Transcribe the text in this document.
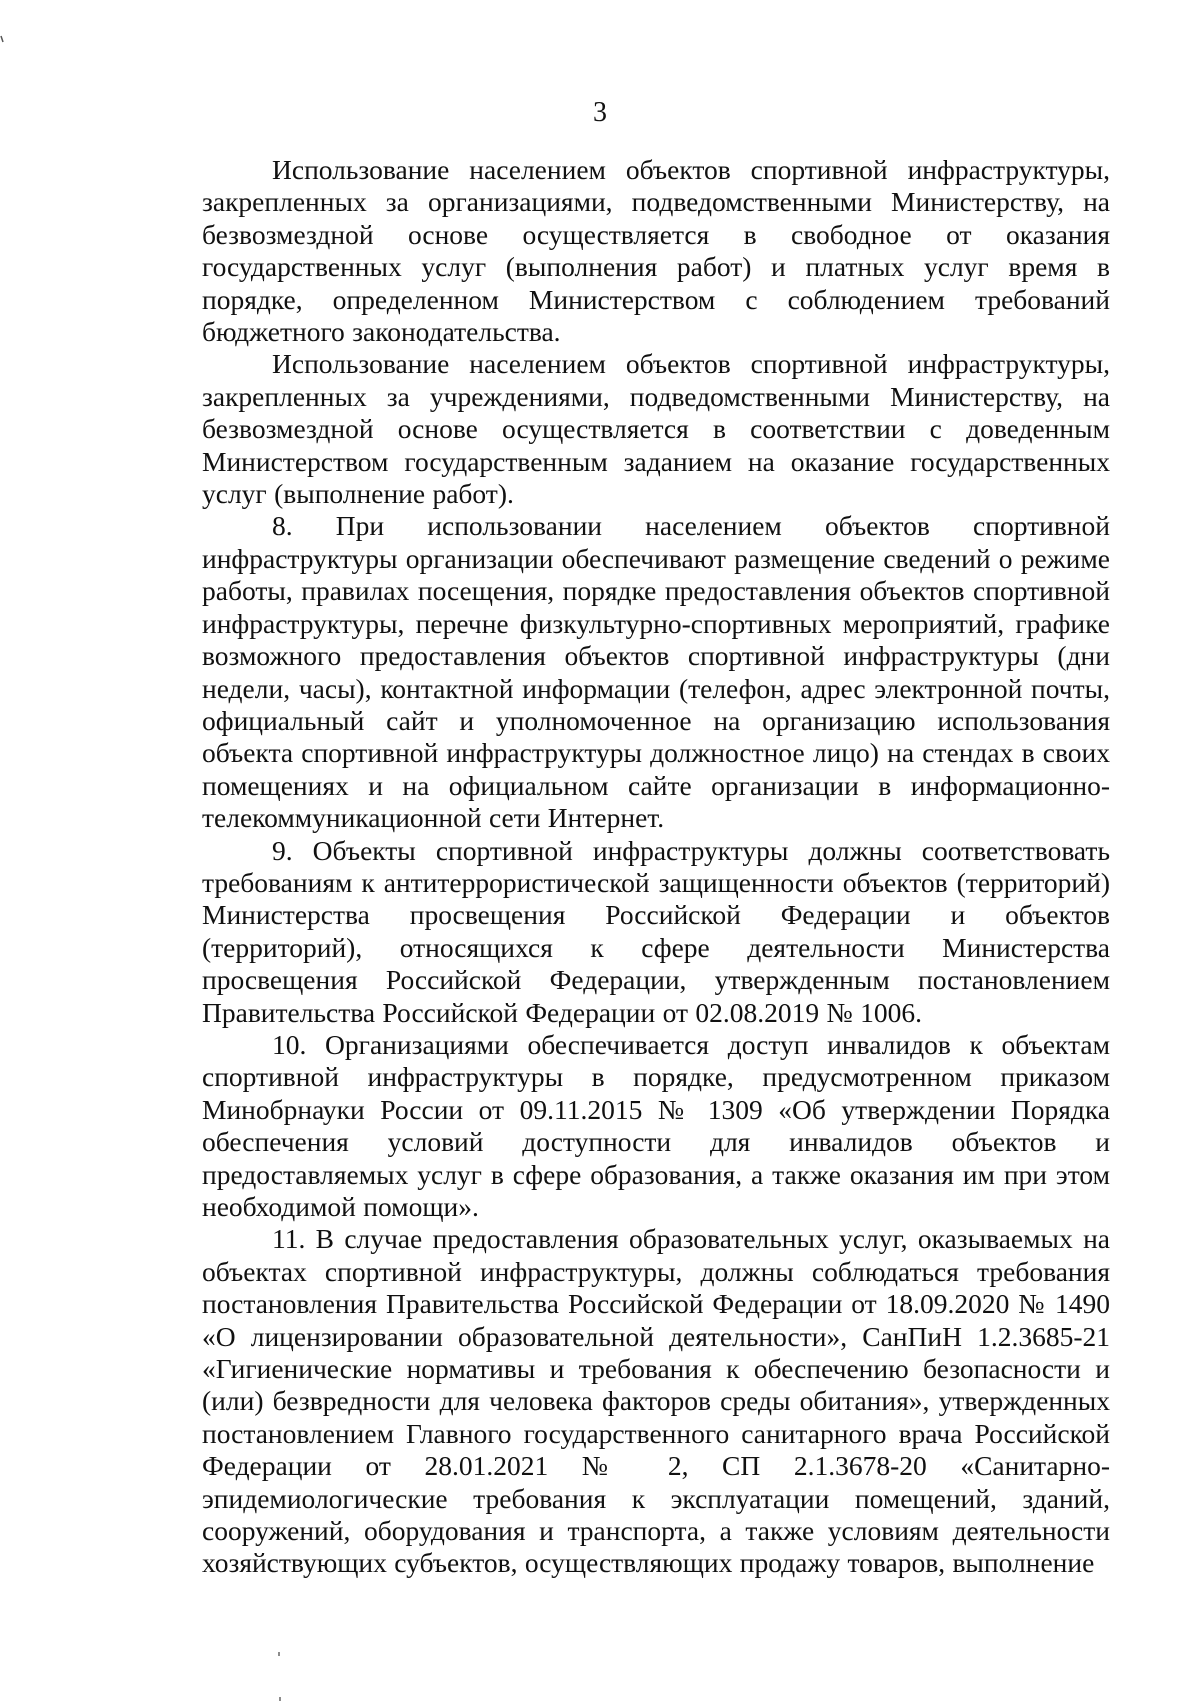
3

Использование населением объектов спортивной инфраструктуры, закрепленных за организациями, подведомственными Министерству, на безвозмездной основе осуществляется в свободное от оказания государственных услуг (выполнения работ) и платных услуг время в порядке, определенном Министерством с соблюдением требований бюджетного законодательства.

Использование населением объектов спортивной инфраструктуры, закрепленных за учреждениями, подведомственными Министерству, на безвозмездной основе осуществляется в соответствии с доведенным Министерством государственным заданием на оказание государственных услуг (выполнение работ).

8. При использовании населением объектов спортивной инфраструктуры организации обеспечивают размещение сведений о режиме работы, правилах посещения, порядке предоставления объектов спортивной инфраструктуры, перечне физкультурно-спортивных мероприятий, графике возможного предоставления объектов спортивной инфраструктуры (дни недели, часы), контактной информации (телефон, адрес электронной почты, официальный сайт и уполномоченное на организацию использования объекта спортивной инфраструктуры должностное лицо) на стендах в своих помещениях и на официальном сайте организации в информационно-телекоммуникационной сети Интернет.

9. Объекты спортивной инфраструктуры должны соответствовать требованиям к антитеррористической защищенности объектов (территорий) Министерства просвещения Российской Федерации и объектов (территорий), относящихся к сфере деятельности Министерства просвещения Российской Федерации, утвержденным постановлением Правительства Российской Федерации от 02.08.2019 № 1006.

10. Организациями обеспечивается доступ инвалидов к объектам спортивной инфраструктуры в порядке, предусмотренном приказом Минобрнауки России от 09.11.2015 № 1309 «Об утверждении Порядка обеспечения условий доступности для инвалидов объектов и предоставляемых услуг в сфере образования, а также оказания им при этом необходимой помощи».

11. В случае предоставления образовательных услуг, оказываемых на объектах спортивной инфраструктуры, должны соблюдаться требования постановления Правительства Российской Федерации от 18.09.2020 № 1490 «О лицензировании образовательной деятельности», СанПиН 1.2.3685-21 «Гигиенические нормативы и требования к обеспечению безопасности и (или) безвредности для человека факторов среды обитания», утвержденных постановлением Главного государственного санитарного врача Российской Федерации от 28.01.2021 № 2, СП 2.1.3678-20 «Санитарно-эпидемиологические требования к эксплуатации помещений, зданий, сооружений, оборудования и транспорта, а также условиям деятельности хозяйствующих субъектов, осуществляющих продажу товаров, выполнение
